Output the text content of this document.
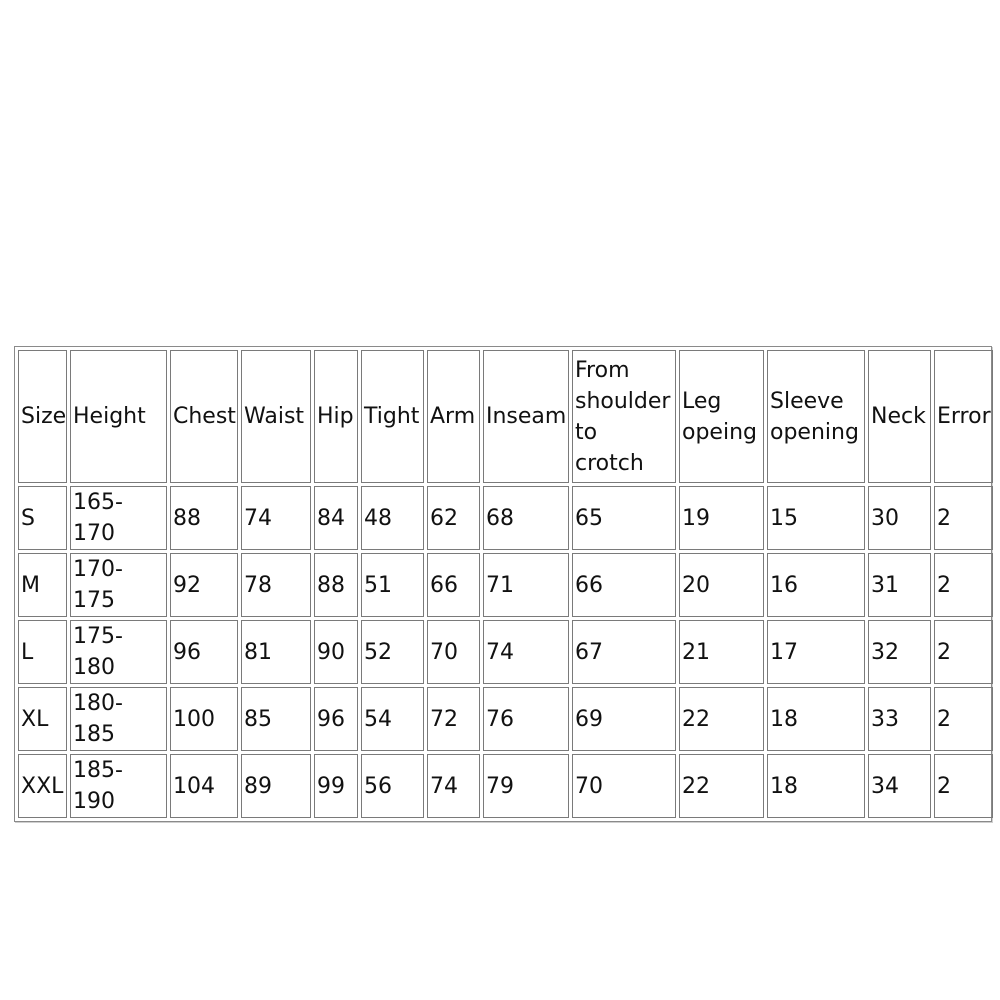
Size	Height	Chest	Waist	Hip	Tight	Arm	Inseam	From
shoulder
to
crotch	Leg
opeing	Sleeve
opening	Neck	Error
S	165-170	88	74	84	48	62	68	65	19	15	30	2
M	170-175	92	78	88	51	66	71	66	20	16	31	2
L	175-180	96	81	90	52	70	74	67	21	17	32	2
XL	180-185	100	85	96	54	72	76	69	22	18	33	2
XXL	185-190	104	89	99	56	74	79	70	22	18	34	2
